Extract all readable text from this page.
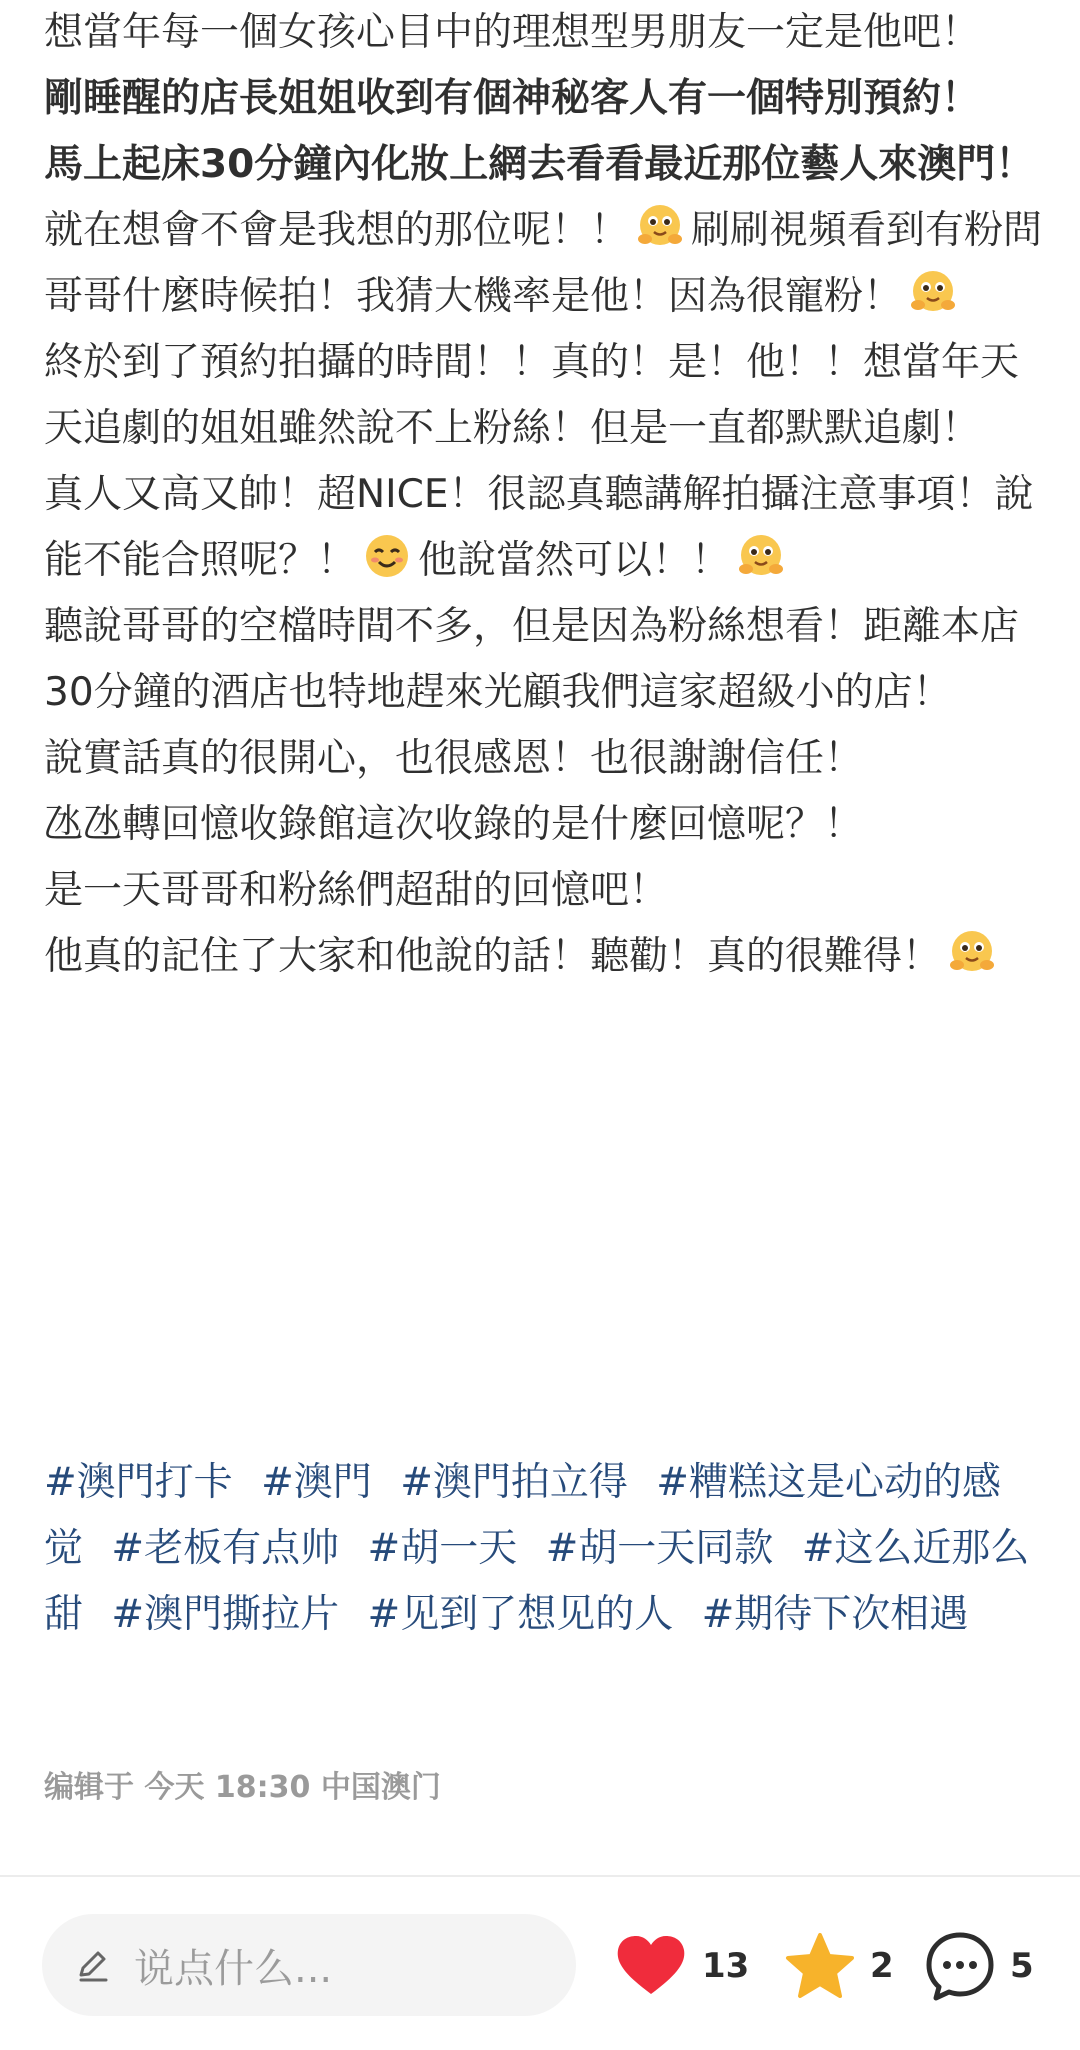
想當年每一個女孩心目中的理想型男朋友一定是他吧！

剛睡醒的店長姐姐收到有個神秘客人有一個特別預約！

馬上起床30分鐘內化妝上網去看看最近那位藝人來澳門！

就在想會不會是我想的那位呢！！ 刷刷視頻看到有粉問哥哥什麼時候拍！我猜大機率是他！因為很寵粉！

終於到了預約拍攝的時間！！真的！是！他！！想當年天天追劇的姐姐雖然說不上粉絲！但是一直都默默追劇！

真人又高又帥！超NICE！很認真聽講解拍攝注意事項！說能不能合照呢？！ 他說當然可以！！

聽說哥哥的空檔時間不多，但是因為粉絲想看！距離本店30分鐘的酒店也特地趕來光顧我們這家超級小的店！

說實話真的很開心，也很感恩！也很謝謝信任！

氹氹轉回憶收錄館這次收錄的是什麼回憶呢？！

是一天哥哥和粉絲們超甜的回憶吧！

他真的記住了大家和他說的話！聽勸！真的很難得！

#澳門打卡 #澳門 #澳門拍立得 #糟糕这是心动的感觉 #老板有点帅 #胡一天 #胡一天同款 #这么近那么甜 #澳門撕拉片 #见到了想见的人 #期待下次相遇
编辑于 今天 18:30 中国澳门
说点什么...	13	2	5
